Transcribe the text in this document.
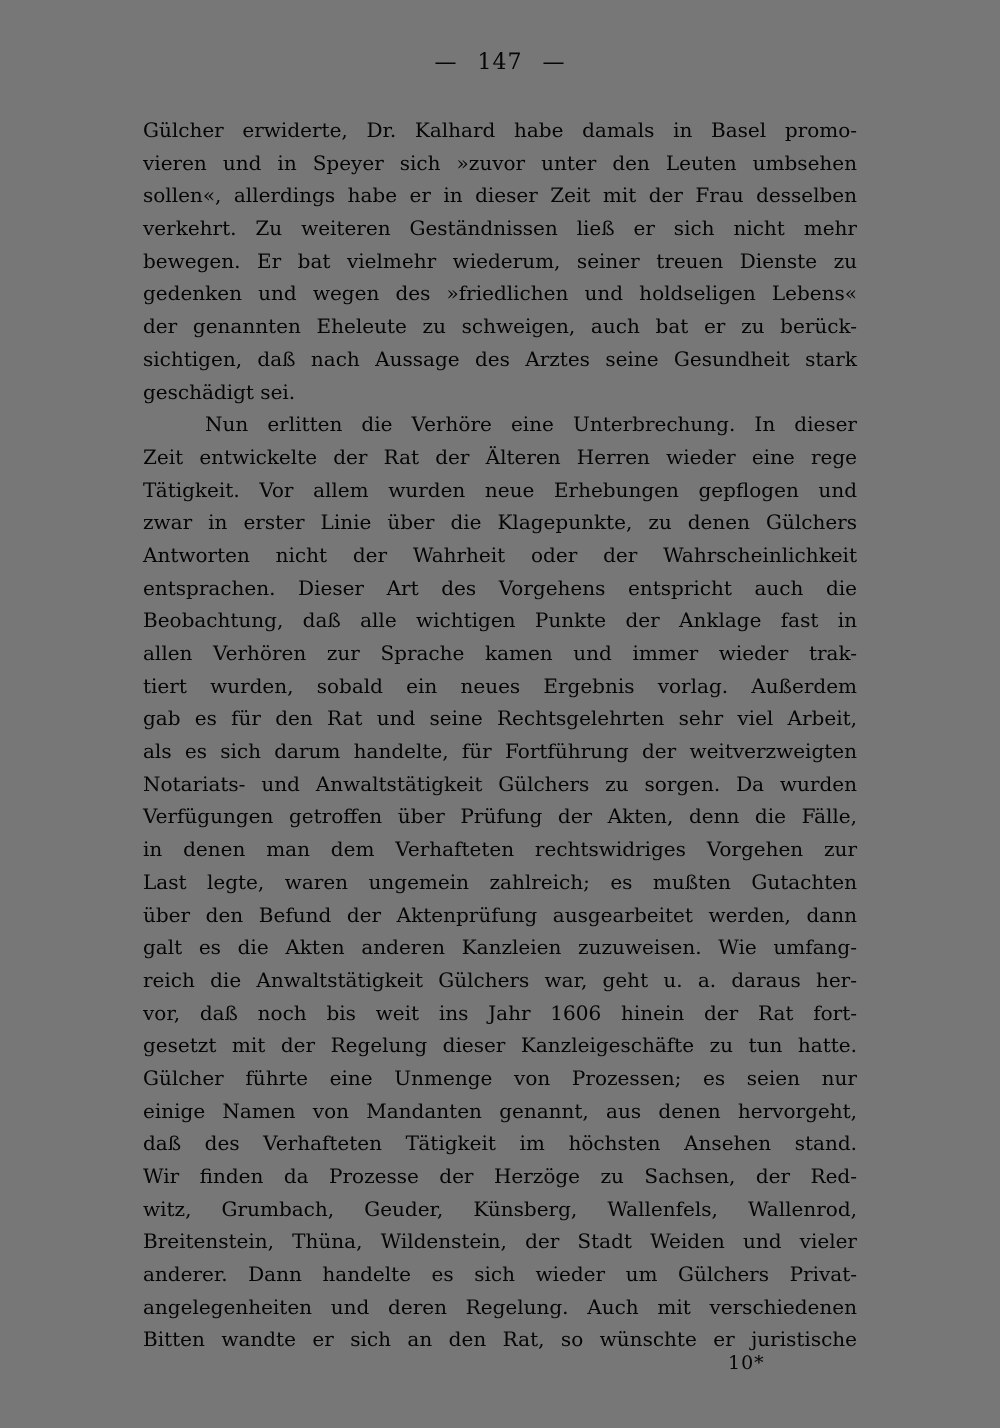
— 147 —
Gülcher erwiderte, Dr. Kalhard habe damals in Basel promo-
vieren und in Speyer sich »zuvor unter den Leuten umbsehen
sollen«, allerdings habe er in dieser Zeit mit der Frau desselben
verkehrt. Zu weiteren Geständnissen ließ er sich nicht mehr
bewegen. Er bat vielmehr wiederum, seiner treuen Dienste zu
gedenken und wegen des »friedlichen und holdseligen Lebens«
der genannten Eheleute zu schweigen, auch bat er zu berück-
sichtigen, daß nach Aussage des Arztes seine Gesundheit stark
geschädigt sei.
Nun erlitten die Verhöre eine Unterbrechung. In dieser
Zeit entwickelte der Rat der Älteren Herren wieder eine rege
Tätigkeit. Vor allem wurden neue Erhebungen gepflogen und
zwar in erster Linie über die Klagepunkte, zu denen Gülchers
Antworten nicht der Wahrheit oder der Wahrscheinlichkeit
entsprachen. Dieser Art des Vorgehens entspricht auch die
Beobachtung, daß alle wichtigen Punkte der Anklage fast in
allen Verhören zur Sprache kamen und immer wieder trak-
tiert wurden, sobald ein neues Ergebnis vorlag. Außerdem
gab es für den Rat und seine Rechtsgelehrten sehr viel Arbeit,
als es sich darum handelte, für Fortführung der weitverzweigten
Notariats- und Anwaltstätigkeit Gülchers zu sorgen. Da wurden
Verfügungen getroffen über Prüfung der Akten, denn die Fälle,
in denen man dem Verhafteten rechtswidriges Vorgehen zur
Last legte, waren ungemein zahlreich; es mußten Gutachten
über den Befund der Aktenprüfung ausgearbeitet werden, dann
galt es die Akten anderen Kanzleien zuzuweisen. Wie umfang-
reich die Anwaltstätigkeit Gülchers war, geht u. a. daraus her-
vor, daß noch bis weit ins Jahr 1606 hinein der Rat fort-
gesetzt mit der Regelung dieser Kanzleigeschäfte zu tun hatte.
Gülcher führte eine Unmenge von Prozessen; es seien nur
einige Namen von Mandanten genannt, aus denen hervorgeht,
daß des Verhafteten Tätigkeit im höchsten Ansehen stand.
Wir finden da Prozesse der Herzöge zu Sachsen, der Red-
witz, Grumbach, Geuder, Künsberg, Wallenfels, Wallenrod,
Breitenstein, Thüna, Wildenstein, der Stadt Weiden und vieler
anderer. Dann handelte es sich wieder um Gülchers Privat-
angelegenheiten und deren Regelung. Auch mit verschiedenen
Bitten wandte er sich an den Rat, so wünschte er juristische
10*
